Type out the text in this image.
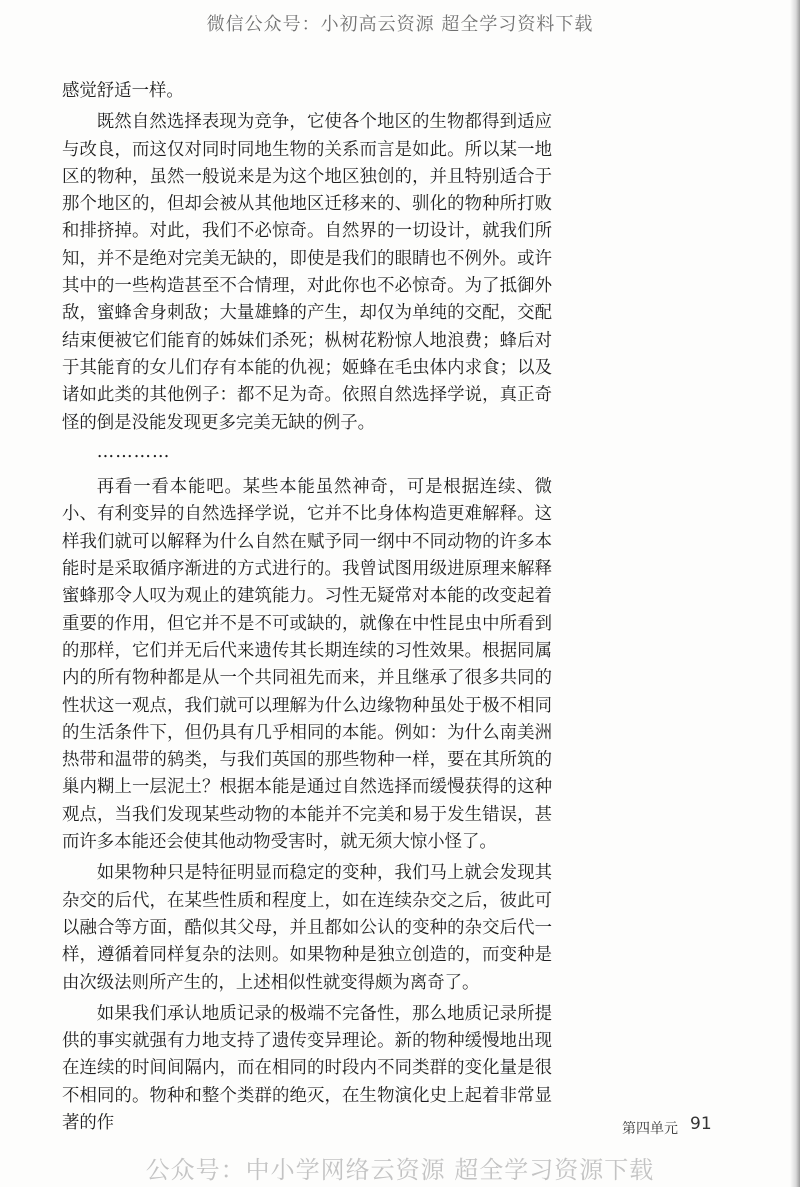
微信公众号：小初高云资源 超全学习资料下载

感觉舒适一样。

既然自然选择表现为竞争，它使各个地区的生物都得到适应与改良，而这仅对同时同地生物的关系而言是如此。所以某一地区的物种，虽然一般说来是为这个地区独创的，并且特别适合于那个地区的，但却会被从其他地区迁移来的、驯化的物种所打败和排挤掉。对此，我们不必惊奇。自然界的一切设计，就我们所知，并不是绝对完美无缺的，即使是我们的眼睛也不例外。或许其中的一些构造甚至不合情理，对此你也不必惊奇。为了抵御外敌，蜜蜂舍身刺敌；大量雄蜂的产生，却仅为单纯的交配，交配结束便被它们能育的姊妹们杀死；枞树花粉惊人地浪费；蜂后对于其能育的女儿们存有本能的仇视；姬蜂在毛虫体内求食；以及诸如此类的其他例子：都不足为奇。依照自然选择学说，真正奇怪的倒是没能发现更多完美无缺的例子。

…………

再看一看本能吧。某些本能虽然神奇，可是根据连续、微小、有利变异的自然选择学说，它并不比身体构造更难解释。这样我们就可以解释为什么自然在赋予同一纲中不同动物的许多本能时是采取循序渐进的方式进行的。我曾试图用级进原理来解释蜜蜂那令人叹为观止的建筑能力。习性无疑常对本能的改变起着重要的作用，但它并不是不可或缺的，就像在中性昆虫中所看到的那样，它们并无后代来遗传其长期连续的习性效果。根据同属内的所有物种都是从一个共同祖先而来，并且继承了很多共同的性状这一观点，我们就可以理解为什么边缘物种虽处于极不相同的生活条件下，但仍具有几乎相同的本能。例如：为什么南美洲热带和温带的鸫类，与我们英国的那些物种一样，要在其所筑的巢内糊上一层泥土？根据本能是通过自然选择而缓慢获得的这种观点，当我们发现某些动物的本能并不完美和易于发生错误，甚而许多本能还会使其他动物受害时，就无须大惊小怪了。

如果物种只是特征明显而稳定的变种，我们马上就会发现其杂交的后代，在某些性质和程度上，如在连续杂交之后，彼此可以融合等方面，酷似其父母，并且都如公认的变种的杂交后代一样，遵循着同样复杂的法则。如果物种是独立创造的，而变种是由次级法则所产生的，上述相似性就变得颇为离奇了。

如果我们承认地质记录的极端不完备性，那么地质记录所提供的事实就强有力地支持了遗传变异理论。新的物种缓慢地出现在连续的时间间隔内，而在相同的时段内不同类群的变化量是很不相同的。物种和整个类群的绝灭，在生物演化史上起着非常显著的作	第四单元 91
公众号：中小学网络云资源 超全学习资源下载
